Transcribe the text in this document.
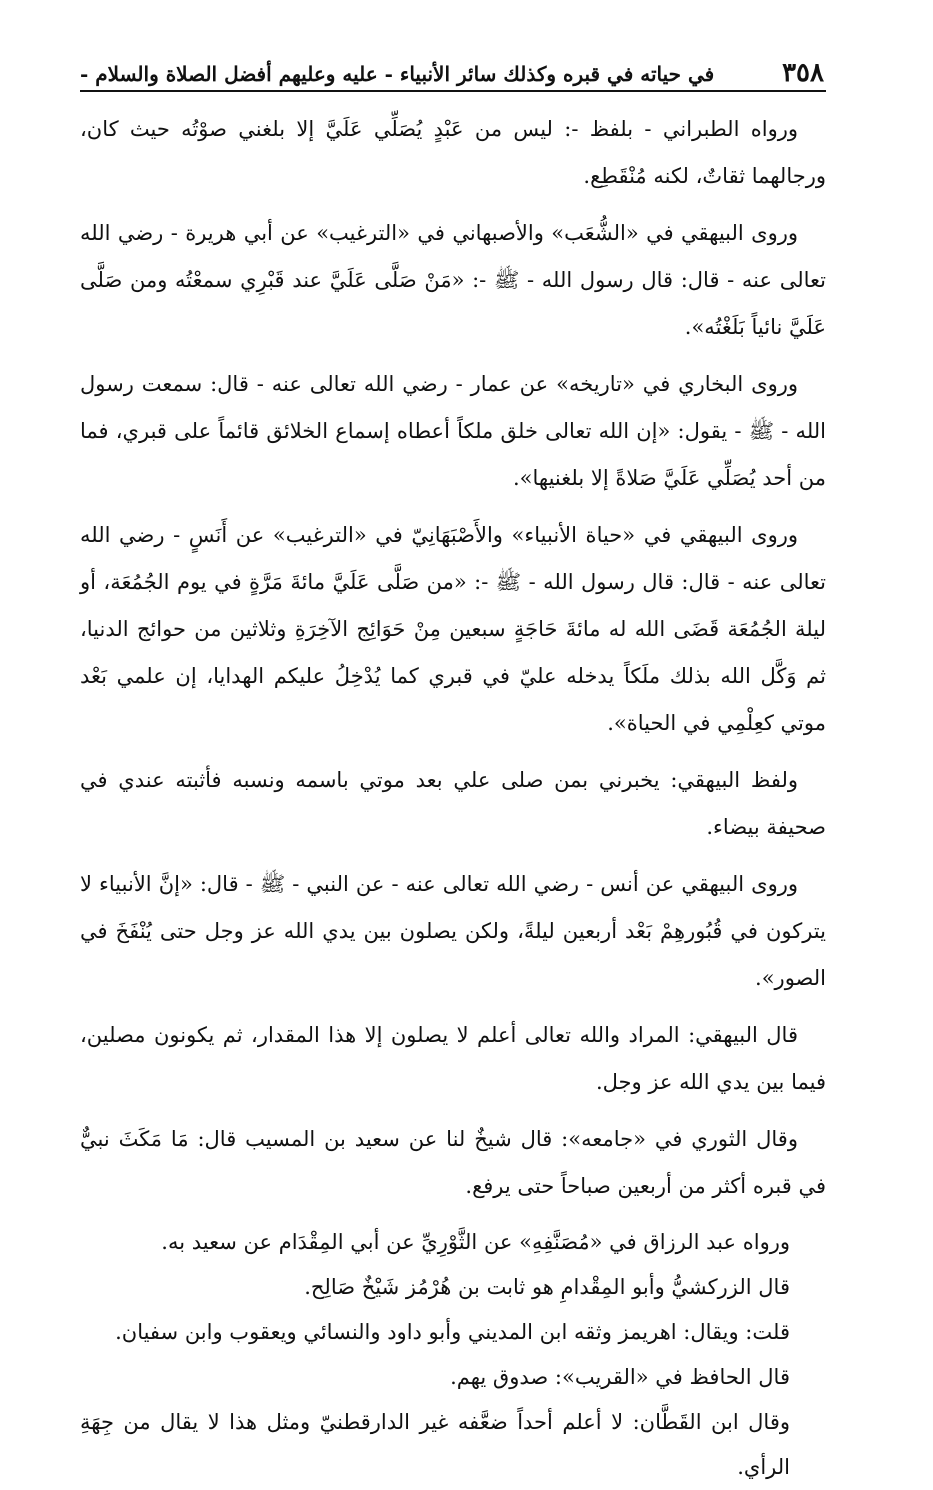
٣٥٨
في حياته في قبره وكذلك سائر الأنبياء - عليه وعليهم أفضل الصلاة والسلام -

ورواه الطبراني - بلفظ -: ليس من عَبْدٍ يُصَلِّي عَلَيَّ إلا بلغني صوْتُه حيث كان، ورجالهما ثقاتٌ، لكنه مُنْقَطِع.

وروى البيهقي في «الشُّعَب» والأصبهاني في «الترغيب» عن أبي هريرة - رضي الله تعالى عنه - قال: قال رسول الله - ﷺ -: «مَنْ صَلَّى عَلَيَّ عند قَبْرِي سمعْتُه ومن صَلَّى عَلَيَّ نائياً بَلَغْتُه».

وروى البخاري في «تاريخه» عن عمار - رضي الله تعالى عنه - قال: سمعت رسول الله - ﷺ - يقول: «إن الله تعالى خلق ملكاً أعطاه إسماع الخلائق قائماً على قبري، فما من أحد يُصَلِّي عَلَيَّ صَلاةً إلا بلغنيها».

وروى البيهقي في «حياة الأنبياء» والأَصْبَهَانِيّ في «الترغيب» عن أَنَسٍ - رضي الله تعالى عنه - قال: قال رسول الله - ﷺ -: «من صَلَّى عَلَيَّ مائةَ مَرَّةٍ في يوم الجُمُعَة، أو ليلة الجُمُعَة قَضَى الله له مائةَ حَاجَةٍ سبعين مِنْ حَوَائِج الآخِرَةِ وثلاثين من حوائج الدنيا، ثم وَكَّل الله بذلك ملَكاً يدخله عليّ في قبري كما يُدْخِلُ عليكم الهدايا، إن علمي بَعْد موتي كعِلْمِي في الحياة».

ولفظ البيهقي: يخبرني بمن صلى علي بعد موتي باسمه ونسبه فأثبته عندي في صحيفة بيضاء.

وروى البيهقي عن أنس - رضي الله تعالى عنه - عن النبي - ﷺ - قال: «إنَّ الأنبياء لا يتركون في قُبُورهِمْ بَعْد أربعين ليلةً، ولكن يصلون بين يدي الله عز وجل حتى يُنْفَخَ في الصور».

قال البيهقي: المراد والله تعالى أعلم لا يصلون إلا هذا المقدار، ثم يكونون مصلين، فيما بين يدي الله عز وجل.

وقال الثوري في «جامعه»: قال شيخٌ لنا عن سعيد بن المسيب قال: مَا مَكَثَ نبيٌّ في قبره أكثر من أربعين صباحاً حتى يرفع.

ورواه عبد الرزاق في «مُصَنَّفِهِ» عن الثَّوْرِيِّ عن أبي المِقْدَام عن سعيد به.

قال الزركشيُّ وأبو المِقْدامِ هو ثابت بن هُرْمُز شَيْخٌ صَالِح.

قلت: ويقال: اهريمز وثقه ابن المديني وأبو داود والنسائي ويعقوب وابن سفيان.

قال الحافظ في «القريب»: صدوق يهم.

وقال ابن القَطَّان: لا أعلم أحداً ضعَّفه غير الدارقطنيّ ومثل هذا لا يقال من جِهَةِ الرأي.
